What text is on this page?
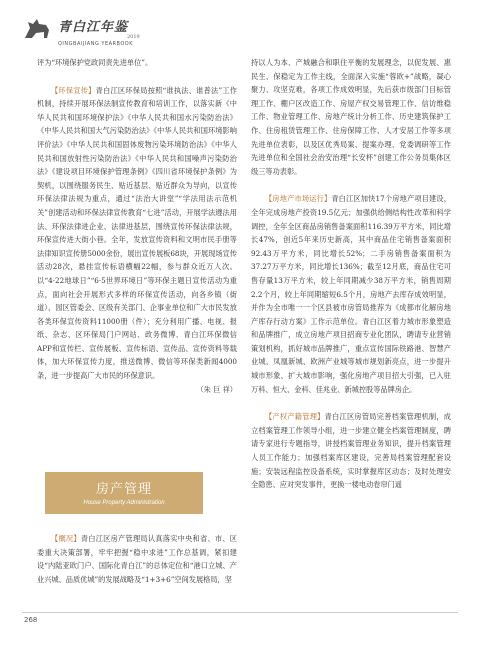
青白江年鉴
2019
QINGBAIJIANG YEARBOOK

评为“环境保护党政同责先进单位”。

【环保宣传】青白江区环保局按照“谁执法、谁普法”工作机制，持续开展环保法制宣传教育和培训工作，以落实新《中华人民共和国环境保护法》《中华人民共和国水污染防治法》《中华人民共和国大气污染防治法》《中华人民共和国环境影响评价法》《中华人民共和国固体废物污染环境防治法》《中华人民共和国放射性污染防治法》《中华人民共和国噪声污染防治法》《建设项目环境保护管理条例》《四川省环境保护条例》为契机，以围绕服务民生、贴近基层、贴近群众为导向，以宣传环保法律法规为重点，通过“法治大讲堂”“学法用法示范机关”创建活动和环保法律宣传教育“七进”活动，开展学法遵法用法、环保法律进企业、法律进基层，围绕宣传环保法律法规，环保宣传进大街小巷。全年，发放宣传资料和文明市民手册等法律知识宣传册5000余份，展出宣传展板68块，开展现场宣传活动28次，悬挂宣传标语横幅22幅，参与群众近万人次。以“4·22地球日”“6·5世界环境日”等环保主题日宣传活动为重点，面向社会开展形式多样的环保宣传活动，向各乡镇（街道）、园区管委会、区级有关部门、企事业单位和广大市民发放各类环保宣传资料11000册（件）；充分利用广播、电视、报纸、杂志、区环保局门户网站、政务微博、青白江环保微信APP和宣传栏、宣传展板、宣传标语、宣传品、宣传资料等载体，加大环保宣传力度，推送微博、微信等环保类新闻4000条，进一步提高广大市民的环保意识。

（朱 巨 祥）

房产管理
House Property Administration

【概况】青白江区房产管理局认真落实中央和省、市、区委重大决策部署，牢牢把握“稳中求进”工作总基调，紧扣建设“内陆亚欧门户、国际化青白江”的总体定位和“港口立城、产业兴城、品质优城”的发展战略及“1+3+6”空间发展格局，坚

持以人为本、产城融合和职住平衡的发展理念，以促发展、惠民生、保稳定为工作主线，全面深入实施“蓉欧+”战略，凝心聚力、攻坚克难，各项工作成效明显，先后获市级部门目标管理工作、棚户区改造工作、房屋产权交易管理工作、信访维稳工作、物业管理工作、房地产统计分析工作、历史建筑保护工作、住房租赁管理工作、住房保障工作、人才安居工作等多项先进单位表彰，以及区优秀局案、提案办理、党委调研等工作先进单位和全国社会治安治理“长安杯”创建工作公务员集体区级三等功表彰。

【房地产市场运行】青白江区加快17个房地产项目建设，全年完成房地产投资19.5亿元；加强供给侧结构性改革和科学调控，全年全区商品房销售备案面积116.39万平方米，同比增长47%，创近5年来历史新高，其中商品住宅销售备案面积92.43万平方米，同比增长52%；二手房销售备案面积为37.27万平方米，同比增长136%；截至12月底，商品住宅可售存量13万平方米，较上年同期减少38万平方米，销售周期2.2个月，较上年同期缩短6.5个月，房地产去库存成效明显，并作为全市唯一一个区县被市房管局推荐为《成都市化解房地产库存行动方案》工作示范单位。青白江区着力城市形象塑造和品牌推广，成立房地产项目招商专业化团队，聘请专业营销策划机构，抓好城市品牌推广，重点宣传国际铁路港、智慧产业城、凤凰新城、欧洲产业城等城市规划新亮点，进一步提升城市形象、扩大城市影响，强化房地产项目招大引强，已入驻万科、恒大、金科、佳兆业、新城控股等品牌房企。

【产权产籍管理】青白江区房管局完善档案管理机制，成立档案管理工作领导小组，进一步建立健全档案管理制度，聘请专家进行专题指导，讲授档案管理业务知识，提升档案管理人员工作能力；加强档案库区建设，完善局档案管理配套设施；安装远程监控设备系统，实时掌握库区动态；及时处理安全隐患、应对突发事件，更换一楼电动卷帘门遥

268
